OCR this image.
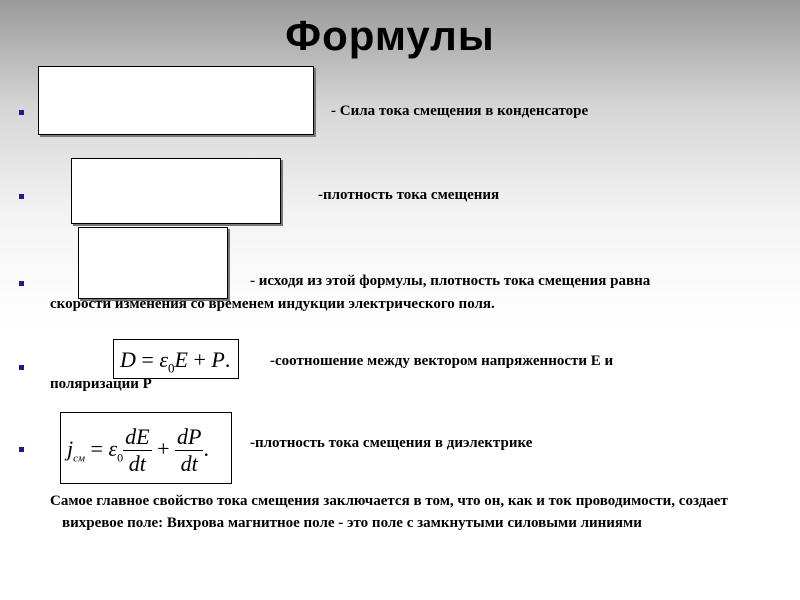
Формулы
- Сила тока смещения в конденсаторе
-плотность тока смещения
- исходя из этой формулы, плотность тока смещения равна
скорости изменения со временем индукции электрического поля.
$D = \varepsilon_0E + P$.	-соотношение между вектором напряженности Е и
поляризации Р
$j_{cм} = \varepsilon_0 \frac{dE}{dt} + \frac{dP}{dt}$ .	-плотность тока смещения в диэлектрике
Самое главное свойство тока смещения заключается в том, что он, как и ток проводимости, создает вихревое поле: Вихрова магнитное поле - это поле с замкнутыми силовыми линиями
